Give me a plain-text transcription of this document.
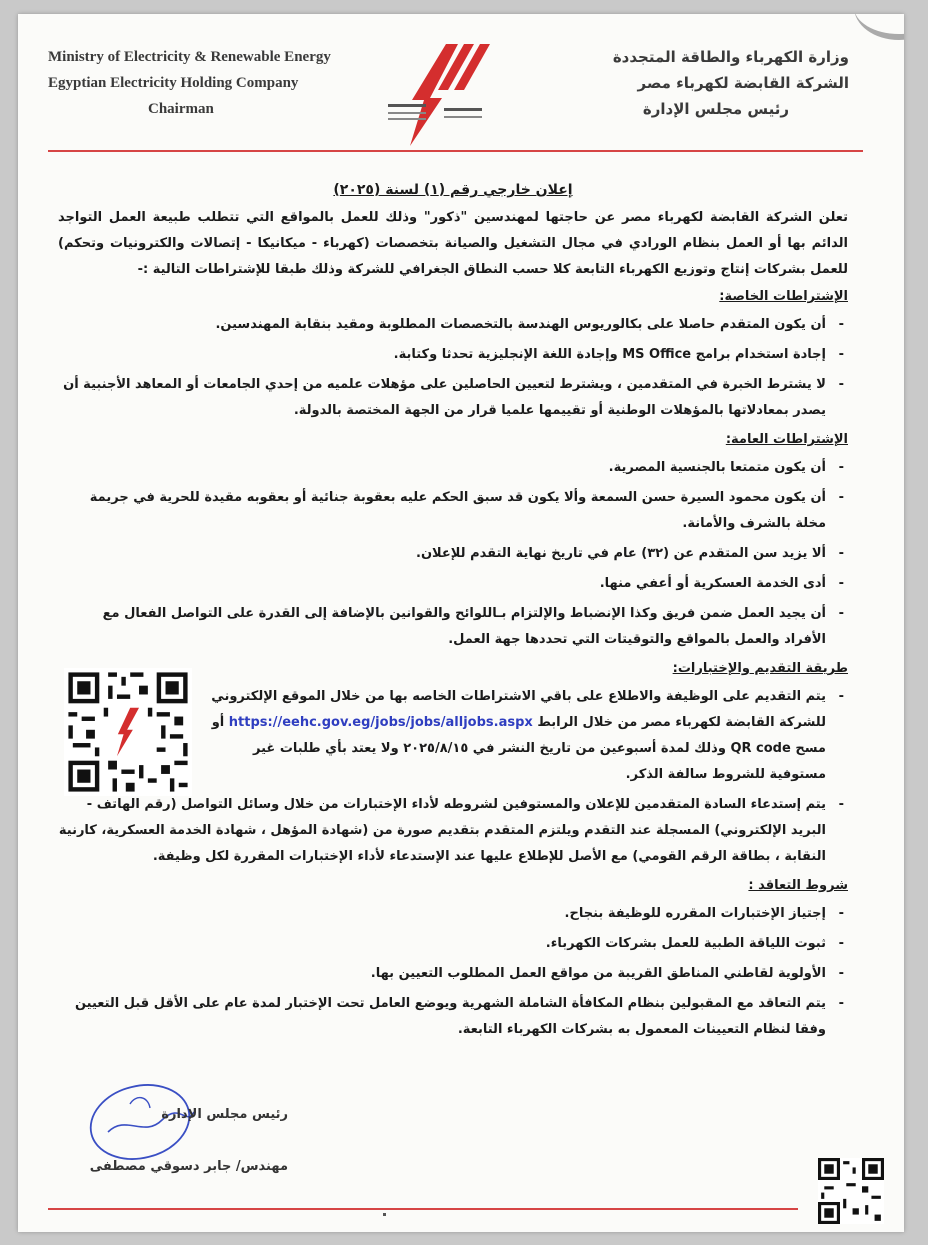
Ministry of Electricity & Renewable Energy
Egyptian Electricity Holding Company
Chairman
وزارة الكهرباء والطاقة المتجددة
الشركة القابضة لكهرباء مصر
رئيس مجلس الإدارة
إعلان خارجي رقم (١) لسنة (٢٠٢٥)
تعلن الشركة القابضة لكهرباء مصر عن حاجتها لمهندسين "ذكور" وذلك للعمل بالمواقع التي تتطلب طبيعة العمل التواجد الدائم بها أو العمل بنظام الورادي في مجال التشغيل والصيانة بتخصصات (كهرباء - ميكانيكا - إتصالات والكترونيات وتحكم) للعمل بشركات إنتاج وتوزيع الكهرباء التابعة كلا حسب النطاق الجغرافي للشركة وذلك طبقا للإشتراطات التالية :-
الإشتراطات الخاصة:
- أن يكون المتقدم حاصلا على بكالوريوس الهندسة بالتخصصات المطلوبة ومقيد بنقابة المهندسين.
- إجادة استخدام برامج MS Office وإجادة اللغة الإنجليزية تحدثا وكتابة.
- لا يشترط الخبرة في المتقدمين ، ويشترط لتعيين الحاصلين على مؤهلات علميه من إحدي الجامعات أو المعاهد الأجنبية أن يصدر بمعادلاتها بالمؤهلات الوطنية أو تقييمها علميا قرار من الجهة المختصة بالدولة.
الإشتراطات العامة:
- أن يكون متمتعا بالجنسية المصرية.
- أن يكون محمود السيرة حسن السمعة وألا يكون قد سبق الحكم عليه بعقوبة جنائية أو بعقوبه مقيدة للحرية في جريمة مخلة بالشرف والأمانة.
- ألا يزيد سن المتقدم عن (٣٢) عام في تاريخ نهاية التقدم للإعلان.
- أدى الخدمة العسكرية أو أعفي منها.
- أن يجيد العمل ضمن فريق وكذا الإنضباط والإلتزام بـاللوائح والقوانين بالإضافة إلى القدرة على التواصل الفعال مع الأفراد والعمل بالمواقع والتوقيتات التي تحددها جهة العمل.
طريقة التقديم والإختبارات:
- يتم التقديم على الوظيفة والاطلاع على باقي الاشتراطات الخاصه بها من خلال الموقع الإلكتروني للشركة القابضة لكهرباء مصر من خلال الرابط https://eehc.gov.eg/jobs/jobs/alljobs.aspx أو مسح QR code وذلك لمدة أسبوعين من تاريخ النشر في ٢٠٢٥/٨/١٥ ولا يعتد بأي طلبات غير مستوفية للشروط سالفة الذكر.
- يتم إستدعاء السادة المتقدمين للإعلان والمستوفين لشروطه لأداء الإختبارات من خلال وسائل التواصل (رقم الهاتف - البريد الإلكتروني) المسجلة عند التقدم ويلتزم المتقدم بتقديم صورة من (شهادة المؤهل ، شهادة الخدمة العسكرية، كارنية النقابة ، بطاقة الرقم القومي) مع الأصل للإطلاع عليها عند الإستدعاء لأداء الإختبارات المقررة لكل وظيفة.
شروط التعاقد :
- إجتياز الإختبارات المقرره للوظيفة بنجاح.
- ثبوت اللياقة الطبية للعمل بشركات الكهرباء.
- الأولوية لقاطني المناطق القريبة من مواقع العمل المطلوب التعيين بها.
- يتم التعاقد مع المقبولين بنظام المكافأة الشاملة الشهرية ويوضع العامل تحت الإختبار لمدة عام على الأقل قبل التعيين وفقا لنظام التعيينات المعمول به بشركات الكهرباء التابعة.
رئيس مجلس الإدارة
مهندس/ جابر دسوقي مصطفى
